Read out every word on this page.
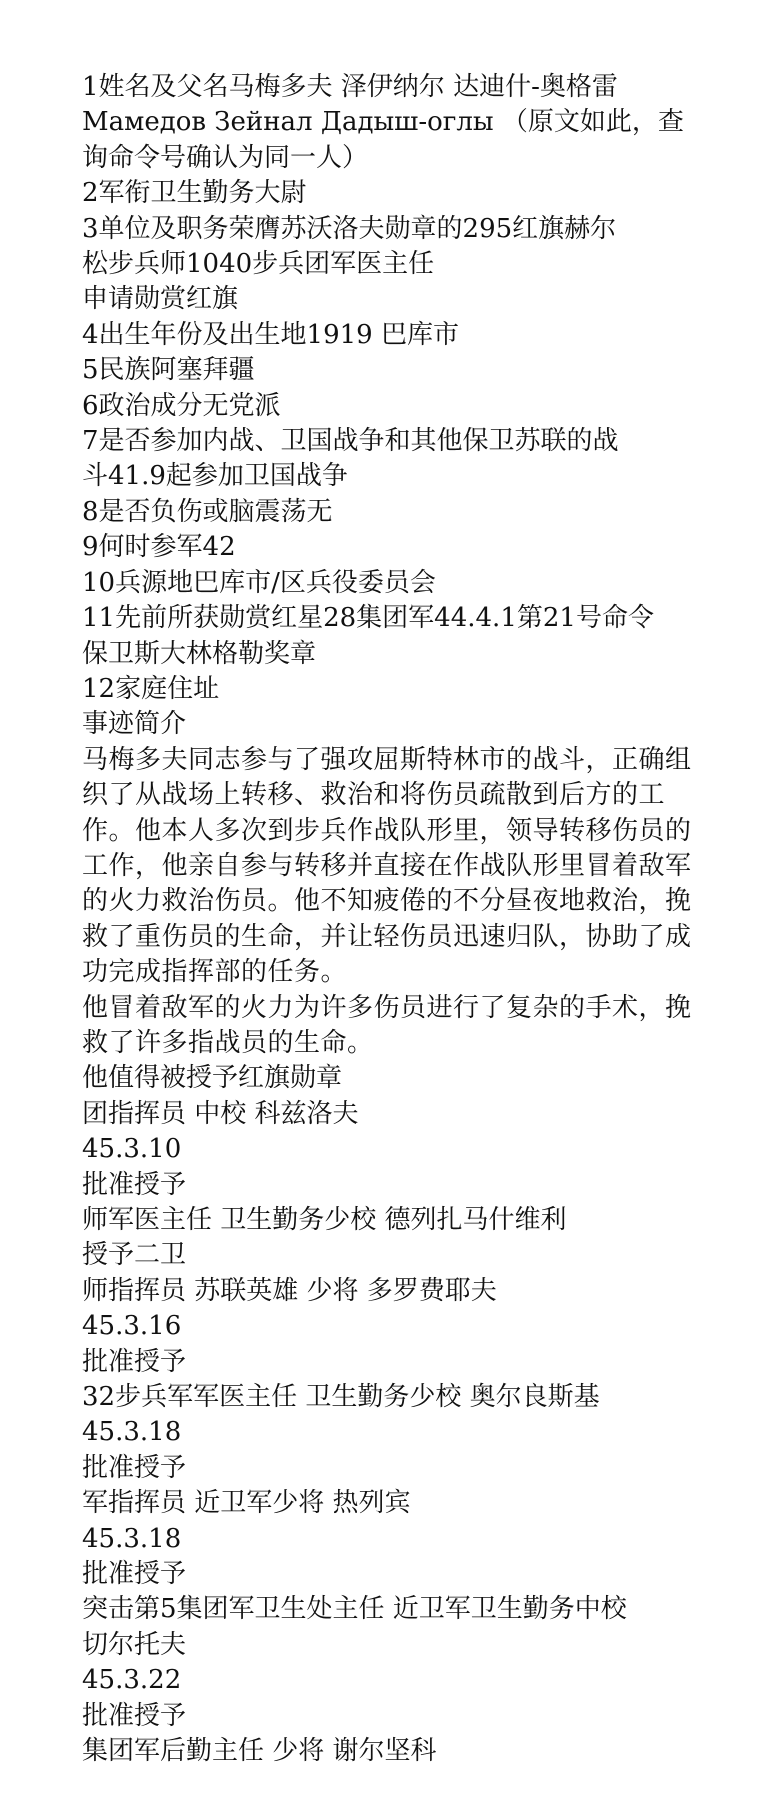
1姓名及父名马梅多夫 泽伊纳尔 达迪什-奥格雷
Мамедов Зейнал Дадыш-оглы （原文如此，查
询命令号确认为同一人）
2军衔卫生勤务大尉
3单位及职务荣膺苏沃洛夫勋章的295红旗赫尔
松步兵师1040步兵团军医主任
申请勋赏红旗
4出生年份及出生地1919 巴库市
5民族阿塞拜疆
6政治成分无党派
7是否参加内战、卫国战争和其他保卫苏联的战
斗41.9起参加卫国战争
8是否负伤或脑震荡无
9何时参军42
10兵源地巴库市/区兵役委员会
11先前所获勋赏红星28集团军44.4.1第21号命令
保卫斯大林格勒奖章
12家庭住址
事迹简介
马梅多夫同志参与了强攻屈斯特林市的战斗，正确组织了从战场上转移、救治和将伤员疏散到后方的工作。他本人多次到步兵作战队形里，领导转移伤员的工作，他亲自参与转移并直接在作战队形里冒着敌军的火力救治伤员。他不知疲倦的不分昼夜地救治，挽救了重伤员的生命，并让轻伤员迅速归队，协助了成功完成指挥部的任务。
他冒着敌军的火力为许多伤员进行了复杂的手术，挽救了许多指战员的生命。
他值得被授予红旗勋章
团指挥员 中校 科兹洛夫
45.3.10
批准授予
师军医主任 卫生勤务少校 德列扎马什维利
授予二卫
师指挥员 苏联英雄 少将 多罗费耶夫
45.3.16
批准授予
32步兵军军医主任 卫生勤务少校 奥尔良斯基
45.3.18
批准授予
军指挥员 近卫军少将 热列宾
45.3.18
批准授予
突击第5集团军卫生处主任 近卫军卫生勤务中校
切尔托夫
45.3.22
批准授予
集团军后勤主任 少将 谢尔坚科
